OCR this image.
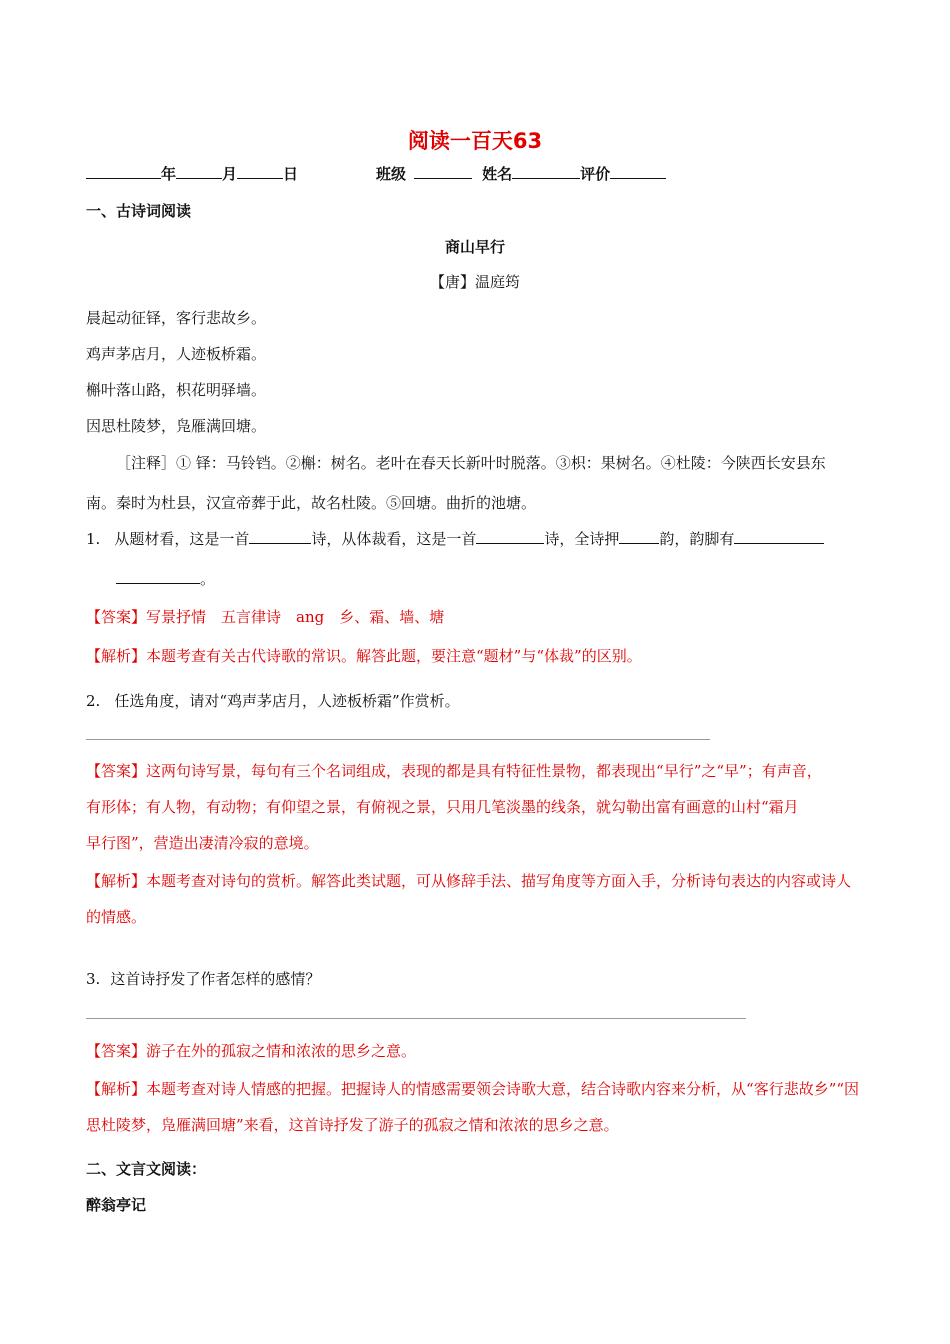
阅读一百天63
年	月	日	班级	姓名	评价
一、古诗词阅读
商山早行
【唐】温庭筠
晨起动征铎，客行悲故乡。
鸡声茅店月，人迹板桥霜。
槲叶落山路，枳花明驿墙。
因思杜陵梦，凫雁满回塘。
［注释］① 铎：马铃铛。②槲：树名。老叶在春天长新叶时脱落。③枳：果树名。④杜陵：今陕西长安县东
南。秦时为杜县，汉宣帝葬于此，故名杜陵。⑤回塘。曲折的池塘。
1. 从题材看，这是一首	诗，从体裁看，这是一首	诗，全诗押	韵，韵脚有
。
【答案】写景抒情　五言律诗　ang　乡、霜、墙、塘
【解析】本题考查有关古代诗歌的常识。解答此题，要注意“题材”与“体裁”的区别。
2. 任选角度，请对“鸡声茅店月，人迹板桥霜”作赏析。
【答案】这两句诗写景，每句有三个名词组成，表现的都是具有特征性景物，都表现出“早行”之“早”；有声音，
有形体；有人物，有动物；有仰望之景，有俯视之景，只用几笔淡墨的线条，就勾勒出富有画意的山村“霜月
早行图”，营造出凄清冷寂的意境。
【解析】本题考查对诗句的赏析。解答此类试题，可从修辞手法、描写角度等方面入手，分析诗句表达的内容或诗人
的情感。
3. 这首诗抒发了作者怎样的感情？
【答案】游子在外的孤寂之情和浓浓的思乡之意。
【解析】本题考查对诗人情感的把握。把握诗人的情感需要领会诗歌大意，结合诗歌内容来分析，从“客行悲故乡”“因
思杜陵梦，凫雁满回塘”来看，这首诗抒发了游子的孤寂之情和浓浓的思乡之意。
二、文言文阅读：
醉翁亭记
